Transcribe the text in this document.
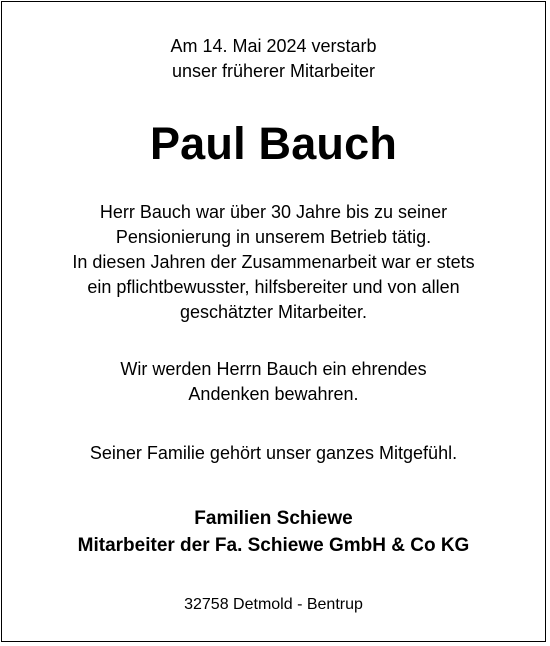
Am 14. Mai 2024 verstarb
unser früherer Mitarbeiter
Paul Bauch
Herr Bauch war über 30 Jahre bis zu seiner
Pensionierung in unserem Betrieb tätig.
In diesen Jahren der Zusammenarbeit war er stets
ein pflichtbewusster, hilfsbereiter und von allen
geschätzter Mitarbeiter.
Wir werden Herrn Bauch ein ehrendes
Andenken bewahren.
Seiner Familie gehört unser ganzes Mitgefühl.
Familien Schiewe
Mitarbeiter der Fa. Schiewe GmbH & Co KG
32758 Detmold - Bentrup
